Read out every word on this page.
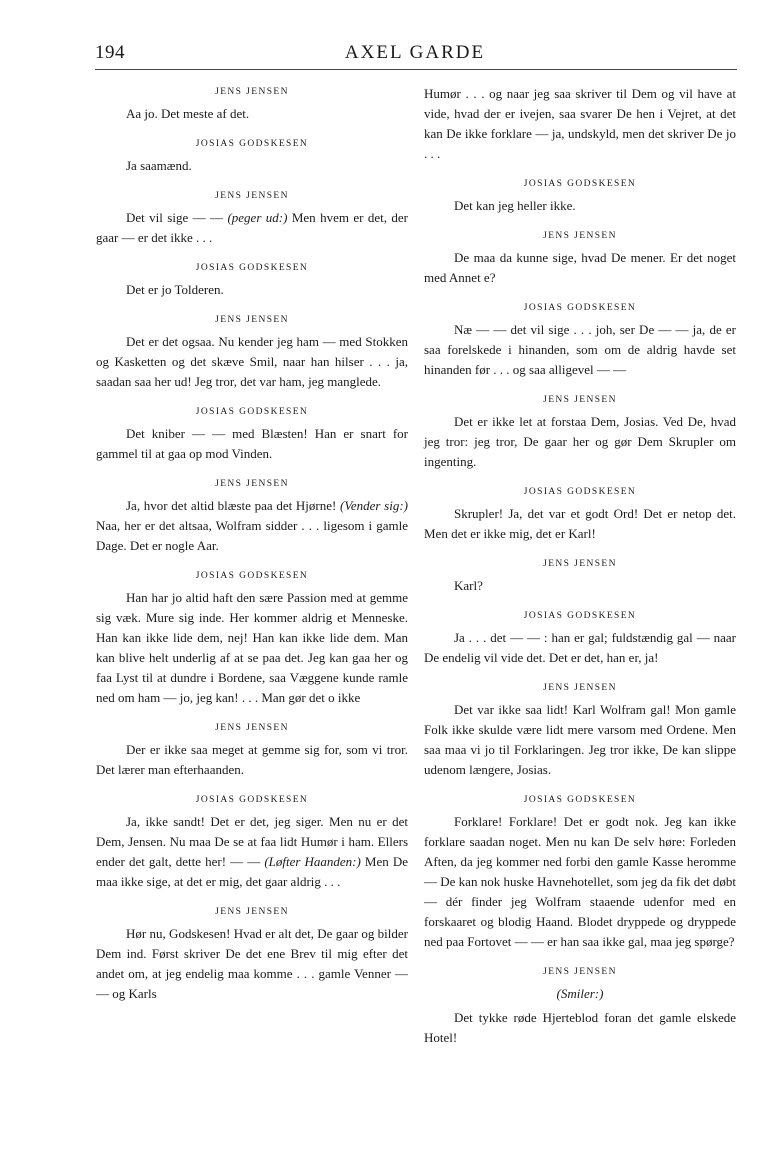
194	AXEL GARDE
JENS JENSEN

Aa jo. Det meste af det.

JOSIAS GODSKESEN

Ja saamænd.

JENS JENSEN

Det vil sige — — (peger ud:) Men hvem er det, der gaar — er det ikke . . .

JOSIAS GODSKESEN

Det er jo Tolderen.

JENS JENSEN

Det er det ogsaa. Nu kender jeg ham — med Stokken og Kasketten og det skæve Smil, naar han hilser . . . ja, saadan saa her ud! Jeg tror, det var ham, jeg manglede.

JOSIAS GODSKESEN

Det kniber — — med Blæsten! Han er snart for gammel til at gaa op mod Vinden.

JENS JENSEN

Ja, hvor det altid blæste paa det Hjørne! (Vender sig:) Naa, her er det altsaa, Wolfram sidder . . . ligesom i gamle Dage. Det er nogle Aar.

JOSIAS GODSKESEN

Han har jo altid haft den sære Passion med at gemme sig væk. Mure sig inde. Her kommer aldrig et Menneske. Han kan ikke lide dem, nej! Han kan ikke lide dem. Man kan blive helt underlig af at se paa det. Jeg kan gaa her og faa Lyst til at dundre i Bordene, saa Væggene kunde ramle ned om ham — jo, jeg kan! . . . Man gør det o ikke

JENS JENSEN

Der er ikke saa meget at gemme sig for, som vi tror. Det lærer man efterhaanden.

JOSIAS GODSKESEN

Ja, ikke sandt! Det er det, jeg siger. Men nu er det Dem, Jensen. Nu maa De se at faa lidt Humør i ham. Ellers ender det galt, dette her! — — (Løfter Haanden:) Men De maa ikke sige, at det er mig, det gaar aldrig . . .

JENS JENSEN

Hør nu, Godskesen! Hvad er alt det, De gaar og bilder Dem ind. Først skriver De det ene Brev til mig efter det andet om, at jeg endelig maa komme . . . gamle Venner — — og Karls

Humør . . . og naar jeg saa skriver til Dem og vil have at vide, hvad der er ivejen, saa svarer De hen i Vejret, at det kan De ikke forklare — ja, undskyld, men det skriver De jo . . .

JOSIAS GODSKESEN

Det kan jeg heller ikke.

JENS JENSEN

De maa da kunne sige, hvad De mener. Er det noget med Annet e?

JOSIAS GODSKESEN

Næ — — det vil sige . . . joh, ser De — — ja, de er saa forelskede i hinanden, som om de aldrig havde set hinanden før . . . og saa alligevel — —

JENS JENSEN

Det er ikke let at forstaa Dem, Josias. Ved De, hvad jeg tror: jeg tror, De gaar her og gør Dem Skrupler om ingenting.

JOSIAS GODSKESEN

Skrupler! Ja, det var et godt Ord! Det er netop det. Men det er ikke mig, det er Karl!

JENS JENSEN

Karl?

JOSIAS GODSKESEN

Ja . . . det — — : han er gal; fuldstændig gal — naar De endelig vil vide det. Det er det, han er, ja!

JENS JENSEN

Det var ikke saa lidt! Karl Wolfram gal! Mon gamle Folk ikke skulde være lidt mere varsom med Ordene. Men saa maa vi jo til Forklaringen. Jeg tror ikke, De kan slippe udenom længere, Josias.

JOSIAS GODSKESEN

Forklare! Forklare! Det er godt nok. Jeg kan ikke forklare saadan noget. Men nu kan De selv høre: Forleden Aften, da jeg kommer ned forbi den gamle Kasse heromme — De kan nok huske Havnehotellet, som jeg da fik det døbt — dér finder jeg Wolfram staaende udenfor med en forskaaret og blodig Haand. Blodet dryppede og dryppede ned paa Fortovet — — er han saa ikke gal, maa jeg spørge?

JENS JENSEN
(Smiler:)

Det tykke røde Hjerteblod foran det gamle elskede Hotel!
